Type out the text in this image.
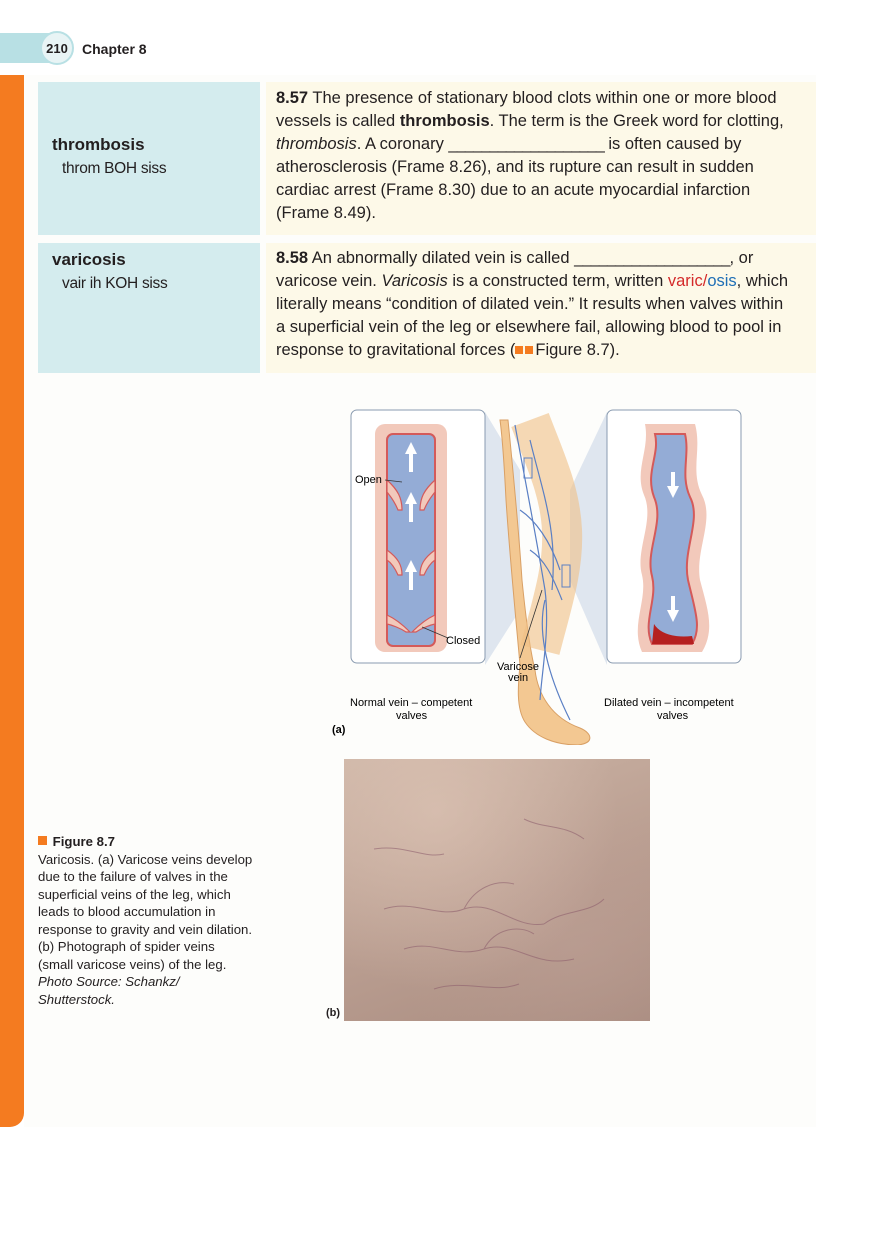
210	Chapter 8
thrombosis
throm BOH siss

8.57 The presence of stationary blood clots within one or more blood vessels is called thrombosis. The term is the Greek word for clotting, thrombosis. A coronary ___________________ is often caused by atherosclerosis (Frame 8.26), and its rupture can result in sudden cardiac arrest (Frame 8.30) due to an acute myocardial infarction (Frame 8.49).

varicosis
vair ih KOH siss

8.58 An abnormally dilated vein is called ___________________, or varicose vein. Varicosis is a constructed term, written varic/osis, which literally means “condition of dilated vein.” It results when valves within a superficial vein of the leg or elsewhere fail, allowing blood to pool in response to gravitational forces ( Figure 8.7).

Open
Closed
Varicose
vein
Normal vein – competent
valves
Dilated vein – incompetent
valves
(a)
(b)
Figure 8.7
Varicosis. (a) Varicose veins develop due to the failure of valves in the superficial veins of the leg, which leads to blood accumulation in response to gravity and vein dilation. (b) Photograph of spider veins (small varicose veins) of the leg.
Photo Source: Schankz/ Shutterstock.
